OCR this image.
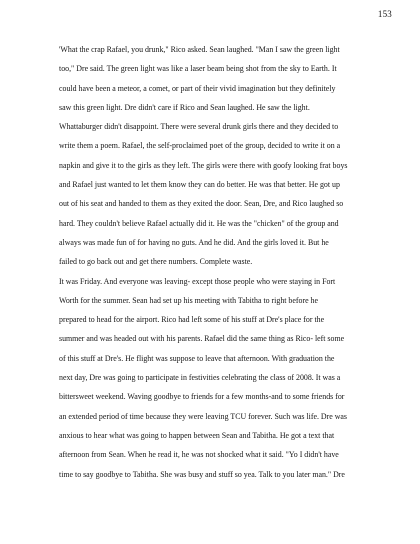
153
'What the crap Rafael, you drunk," Rico asked. Sean laughed. "Man I saw the green light
too," Dre said. The green light was like a laser beam being shot from the sky to Earth. It
could have been a meteor, a comet, or part of their vivid imagination but they definitely
saw this green light. Dre didn't care if Rico and Sean laughed. He saw the light.
Whattaburger didn't disappoint. There were several drunk girls there and they decided to
write them a poem. Rafael, the self-proclaimed poet of the group, decided to write it on a
napkin and give it to the girls as they left. The girls were there with goofy looking frat boys
and Rafael just wanted to let them know they can do better. He was that better. He got up
out of his seat and handed to them as they exited the door. Sean, Dre, and Rico laughed so
hard. They couldn't believe Rafael actually did it. He was the "chicken" of the group and
always was made fun of for having no guts. And he did. And the girls loved it. But he
failed to go back out and get there numbers. Complete waste.
It was Friday. And everyone was leaving- except those people who were staying in Fort
Worth for the summer. Sean had set up his meeting with Tabitha to right before he
prepared to head for the airport. Rico had left some of his stuff at Dre's place for the
summer and was headed out with his parents. Rafael did the same thing as Rico- left some
of this stuff at Dre's. He flight was suppose to leave that afternoon. With graduation the
next day, Dre was going to participate in festivities celebrating the class of 2008. It was a
bittersweet weekend. Waving goodbye to friends for a few months-and to some friends for
an extended period of time because they were leaving TCU forever. Such was life. Dre was
anxious to hear what was going to happen between Sean and Tabitha. He got a text that
afternoon from Sean. When he read it, he was not shocked what it said. "Yo I didn't have
time to say goodbye to Tabitha. She was busy and stuff so yea. Talk to you later man." Dre
